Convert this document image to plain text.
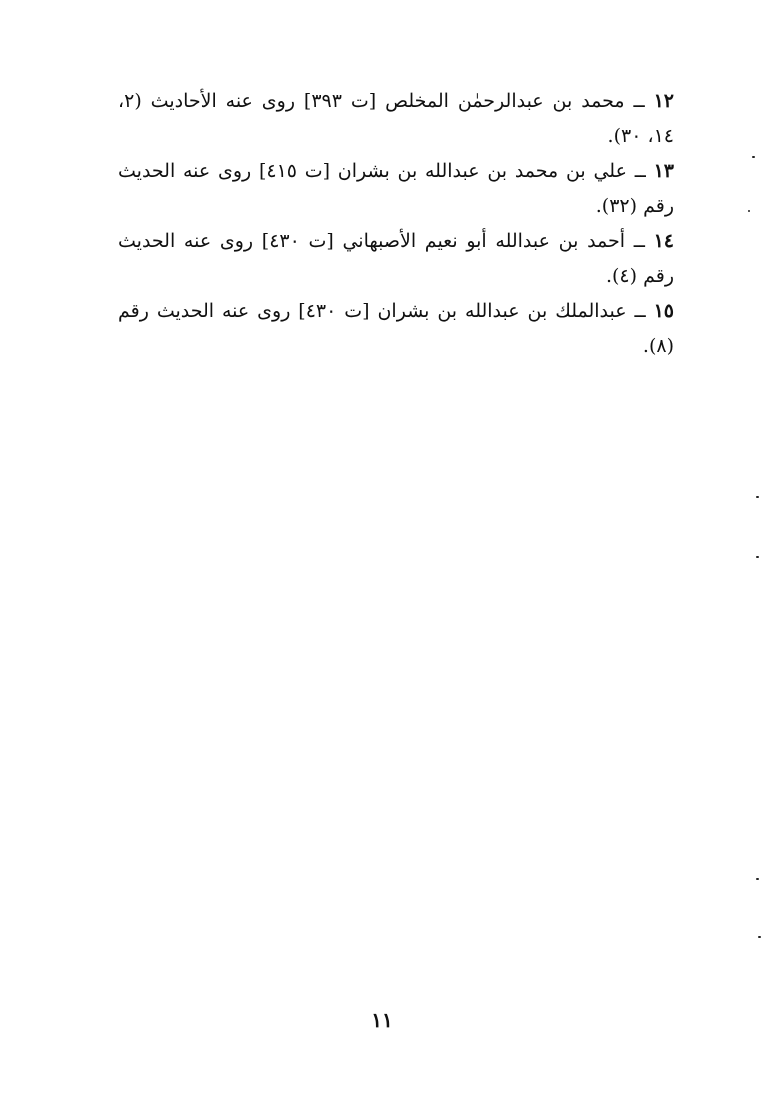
١٢ ــ محمد بن عبدالرحمٰن المخلص [ت ٣٩٣] روى عنه الأحاديث (٢، ١٤، ٣٠).

١٣ ــ علي بن محمد بن عبدالله بن بشران [ت ٤١٥] روى عنه الحديث رقم (٣٢).

١٤ ــ أحمد بن عبدالله أبو نعيم الأصبهاني [ت ٤٣٠] روى عنه الحديث رقم (٤).

١٥ ــ عبدالملك بن عبدالله بن بشران [ت ٤٣٠] روى عنه الحديث رقم (٨).

١١
